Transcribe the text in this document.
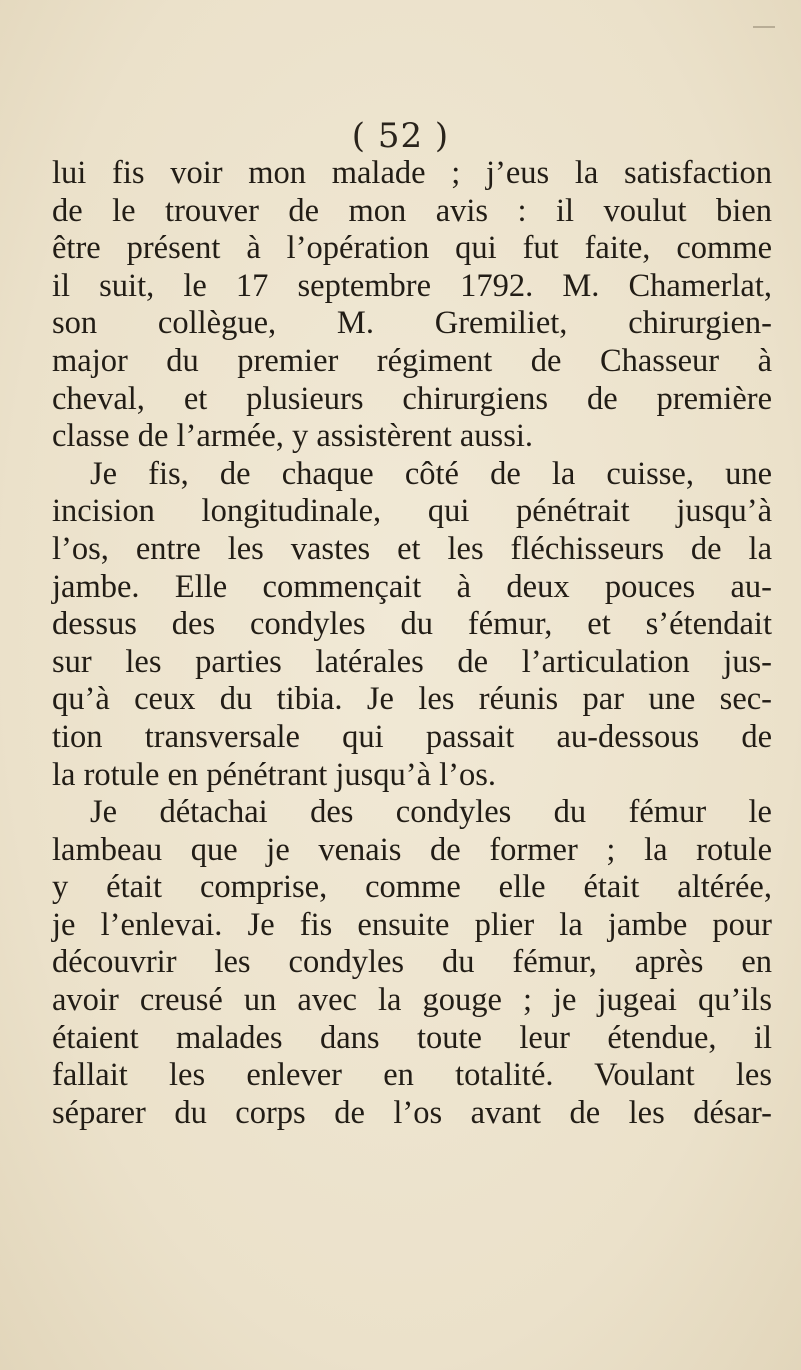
( 52 )
lui fis voir mon malade ; j’eus la satisfaction
de le trouver de mon avis : il voulut bien
être présent à l’opération qui fut faite, comme
il suit, le 17 septembre 1792. M. Chamerlat,
son collègue, M. Gremiliet, chirurgien-
major du premier régiment de Chasseur à
cheval, et plusieurs chirurgiens de première
classe de l’armée, y assistèrent aussi.
Je fis, de chaque côté de la cuisse, une
incision longitudinale, qui pénétrait jusqu’à
l’os, entre les vastes et les fléchisseurs de la
jambe. Elle commençait à deux pouces au-
dessus des condyles du fémur, et s’étendait
sur les parties latérales de l’articulation jus-
qu’à ceux du tibia. Je les réunis par une sec-
tion transversale qui passait au-dessous de
la rotule en pénétrant jusqu’à l’os.
Je détachai des condyles du fémur le
lambeau que je venais de former ; la rotule
y était comprise, comme elle était altérée,
je l’enlevai. Je fis ensuite plier la jambe pour
découvrir les condyles du fémur, après en
avoir creusé un avec la gouge ; je jugeai qu’ils
étaient malades dans toute leur étendue, il
fallait les enlever en totalité. Voulant les
séparer du corps de l’os avant de les désar-
